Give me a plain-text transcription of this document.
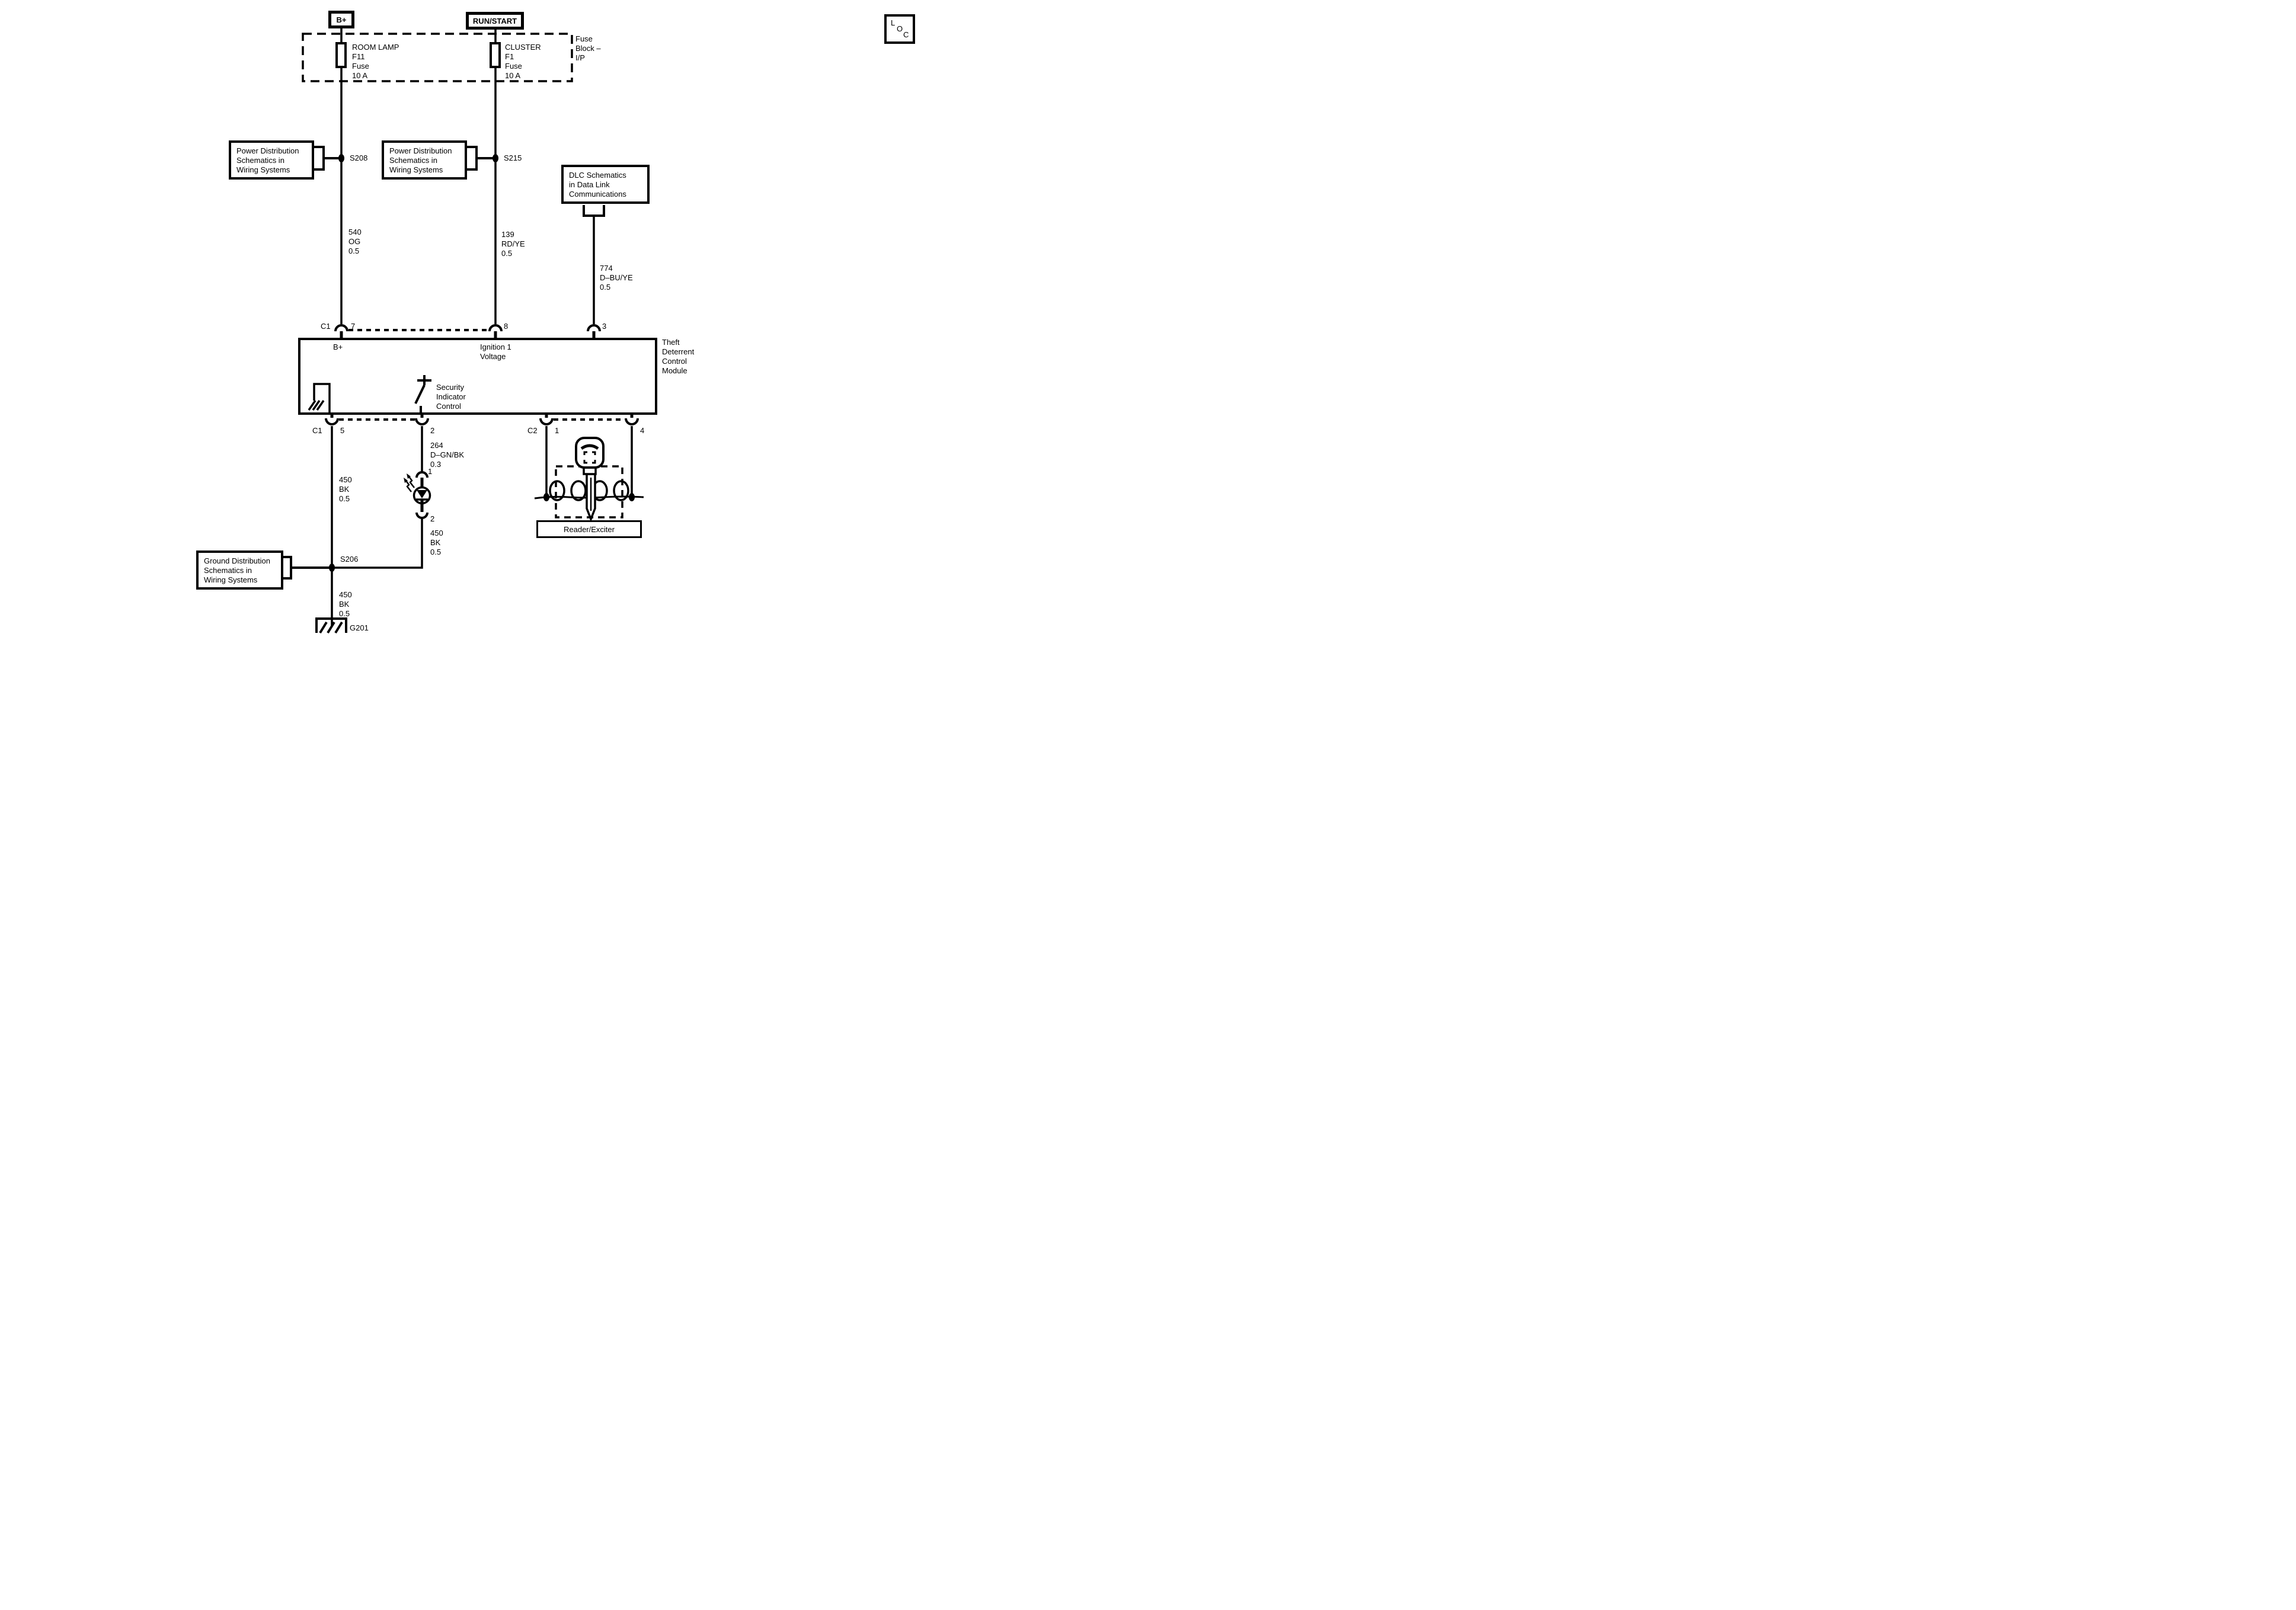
B+	RUN/START
ROOM LAMP
F11
Fuse
10 A
CLUSTER
F1
Fuse
10 A
Fuse
Block –
I/P
Power Distribution
Schematics in
Wiring Systems
Power Distribution
Schematics in
Wiring Systems
DLC Schematics
in Data Link
Communications
Ground Distribution
Schematics in
Wiring Systems
S208	S215
S206
540
OG
0.5
139
RD/YE
0.5
774
D–BU/YE
0.5
264
D–GN/BK
0.3
450
BK
0.5
450
BK
0.5
450
BK
0.5
C1	7	8	3
C1 5	2	C2 1	4
1
2
B+	Ignition 1
Voltage
Theft
Deterrent
Control
Module
Security
Indicator
Control
G201
Reader/Exciter
L
O
C
